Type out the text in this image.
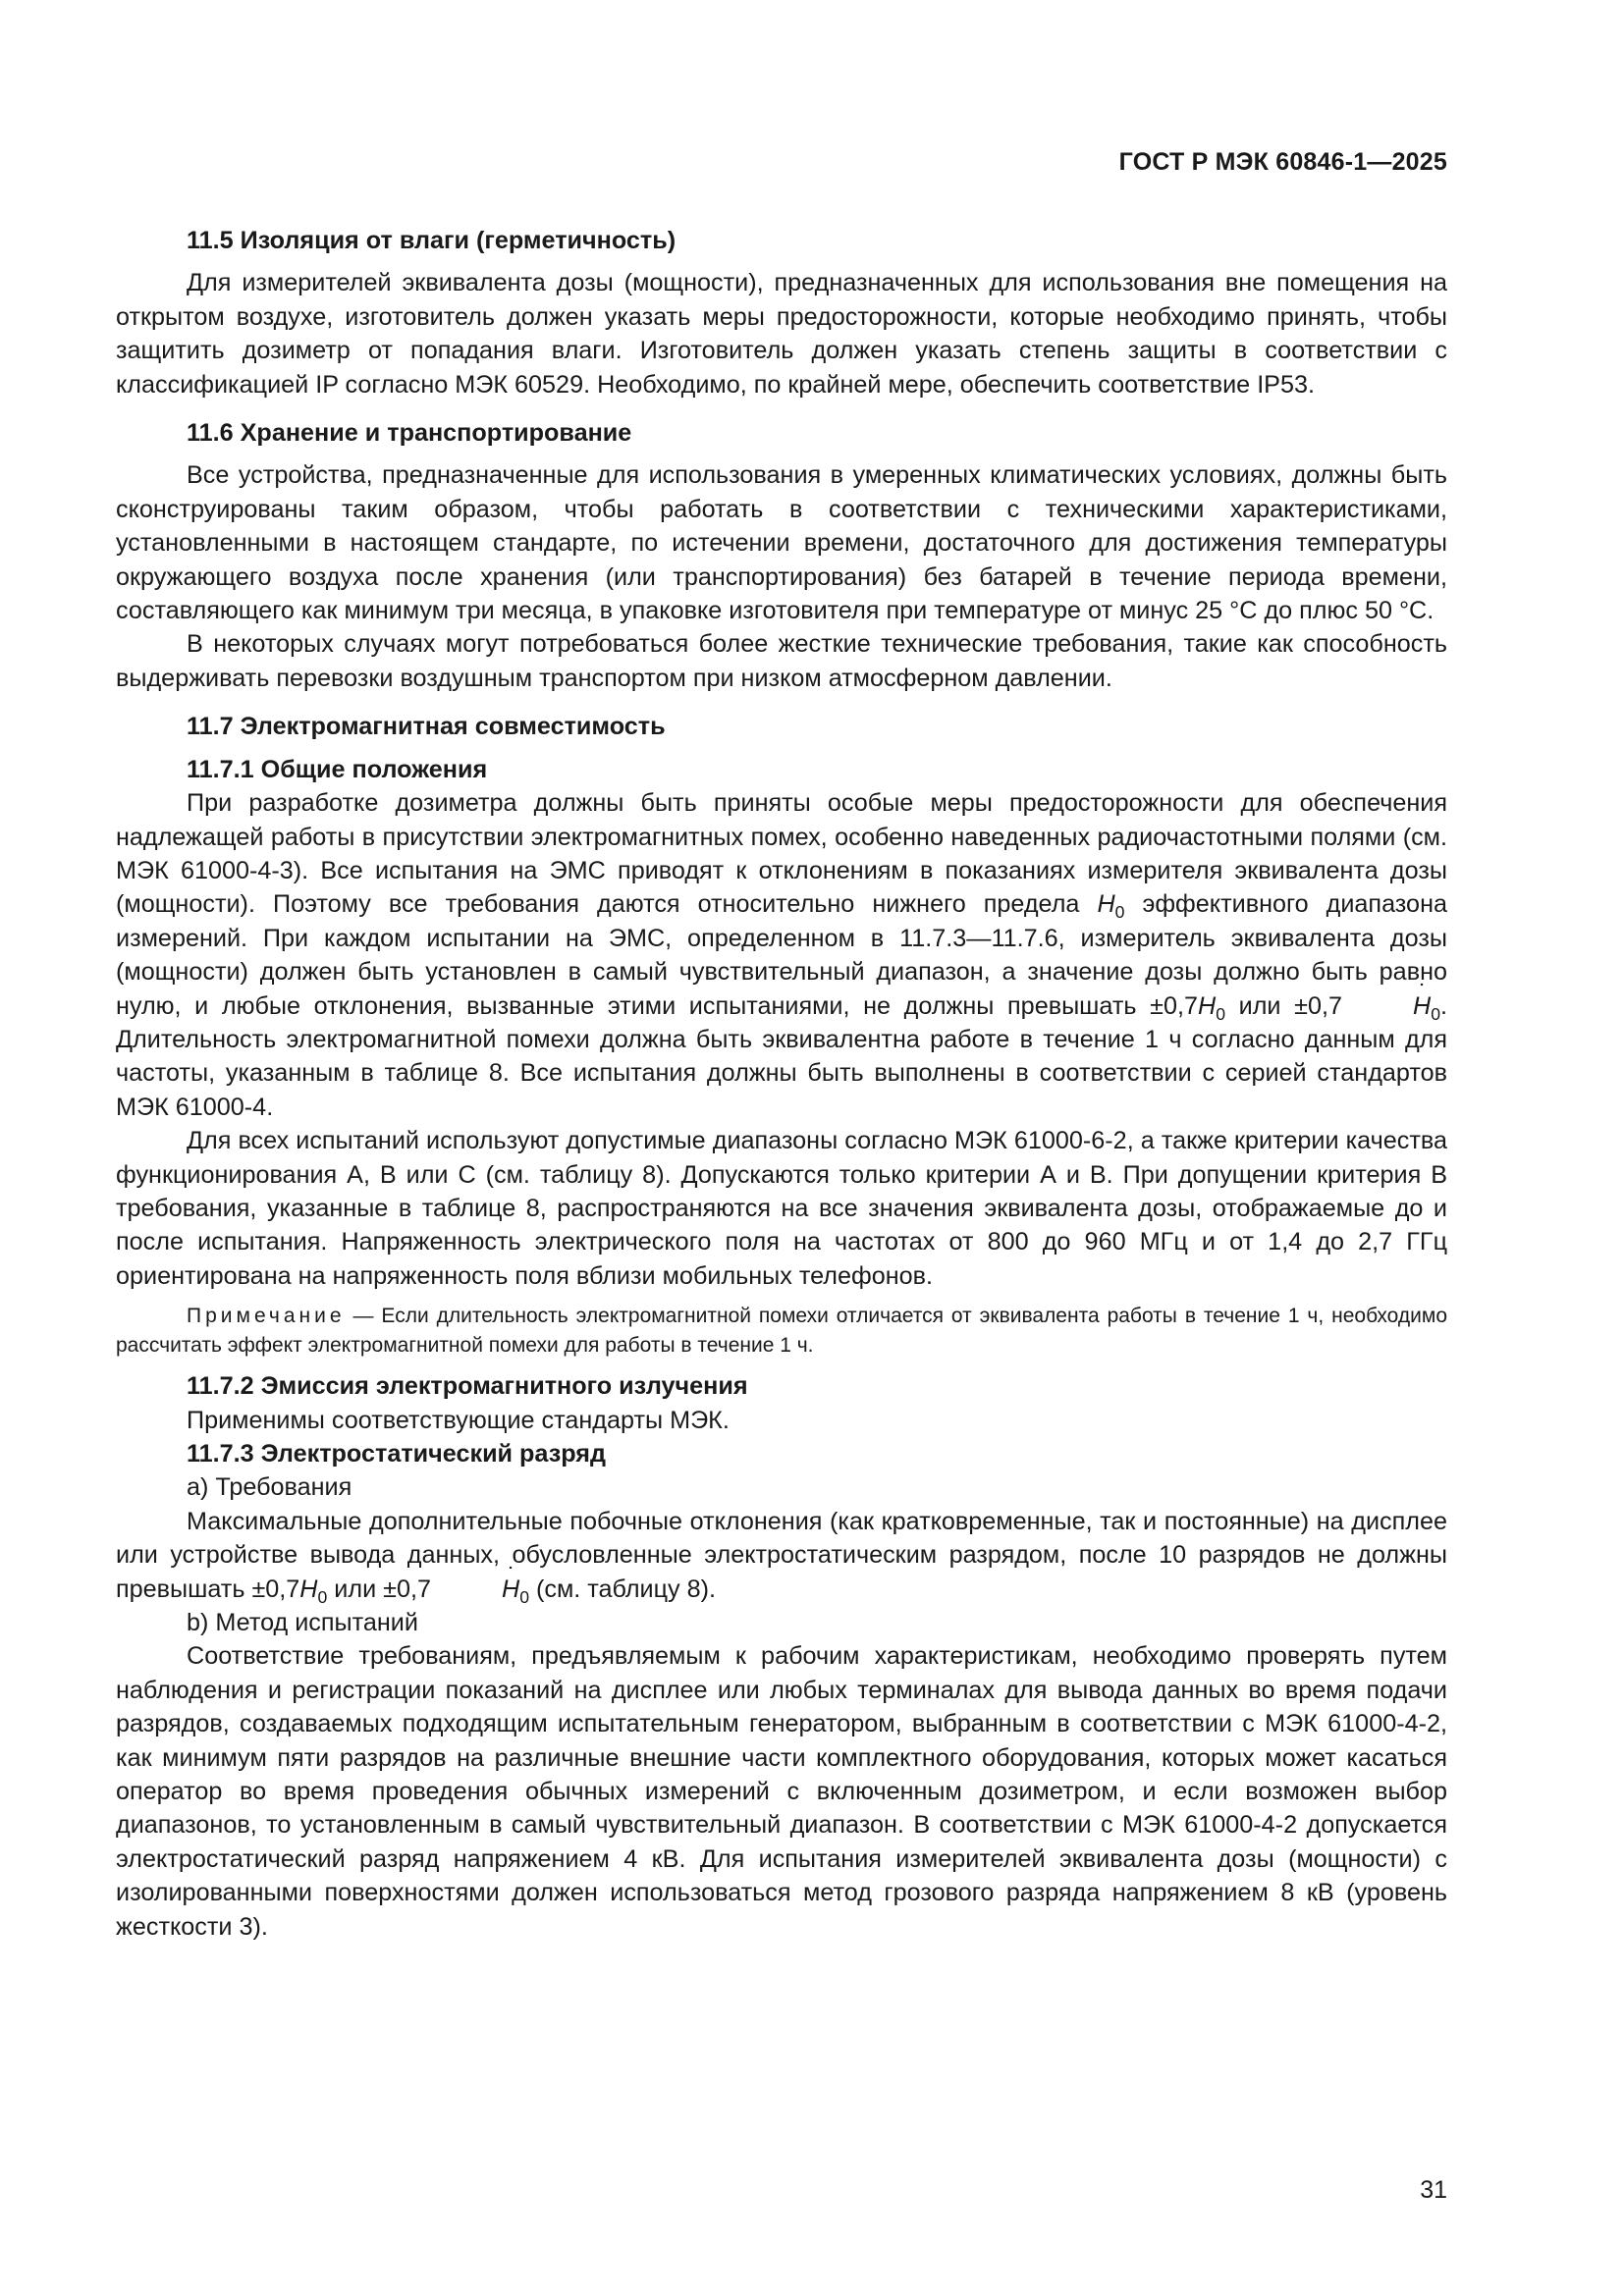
ГОСТ Р МЭК 60846-1—2025

11.5 Изоляция от влаги (герметичность)

Для измерителей эквивалента дозы (мощности), предназначенных для использования вне помещения на открытом воздухе, изготовитель должен указать меры предосторожности, которые необходимо принять, чтобы защитить дозиметр от попадания влаги. Изготовитель должен указать степень защиты в соответствии с классификацией IP согласно МЭК 60529. Необходимо, по крайней мере, обеспечить соответствие IP53.

11.6 Хранение и транспортирование

Все устройства, предназначенные для использования в умеренных климатических условиях, должны быть сконструированы таким образом, чтобы работать в соответствии с техническими характеристиками, установленными в настоящем стандарте, по истечении времени, достаточного для достижения температуры окружающего воздуха после хранения (или транспортирования) без батарей в течение периода времени, составляющего как минимум три месяца, в упаковке изготовителя при температуре от минус 25 °С до плюс 50 °С.

В некоторых случаях могут потребоваться более жесткие технические требования, такие как способность выдерживать перевозки воздушным транспортом при низком атмосферном давлении.

11.7 Электромагнитная совместимость

11.7.1 Общие положения

При разработке дозиметра должны быть приняты особые меры предосторожности для обеспечения надлежащей работы в присутствии электромагнитных помех, особенно наведенных радиочастотными полями (см. МЭК 61000-4-3). Все испытания на ЭМС приводят к отклонениям в показаниях измерителя эквивалента дозы (мощности). Поэтому все требования даются относительно нижнего предела $H_0$ эффективного диапазона измерений. При каждом испытании на ЭМС, определенном в 11.7.3—11.7.6, измеритель эквивалента дозы (мощности) должен быть установлен в самый чувствительный диапазон, а значение дозы должно быть равно нулю, и любые отклонения, вызванные этими испытаниями, не должны превышать $\pm 0,7H_0$ или ±0,7	H $˙_0$. Длительность электромагнитной помехи должна быть эквивалентна работе в течение 1 ч согласно данным для частоты, указанным в таблице 8. Все испытания должны быть выполнены в соответствии с серией стандартов МЭК 61000-4.

Для всех испытаний используют допустимые диапазоны согласно МЭК 61000-6-2, а также критерии качества функционирования А, В или С (см. таблицу 8). Допускаются только критерии А и В. При допущении критерия В требования, указанные в таблице 8, распространяются на все значения эквивалента дозы, отображаемые до и после испытания. Напряженность электрического поля на частотах от 800 до 960 МГц и от 1,4 до 2,7 ГГц ориентирована на напряженность поля вблизи мобильных телефонов.

Примечание — Если длительность электромагнитной помехи отличается от эквивалента работы в течение 1 ч, необходимо рассчитать эффект электромагнитной помехи для работы в течение 1 ч.

11.7.2 Эмиссия электромагнитного излучения

Применимы соответствующие стандарты МЭК.

11.7.3 Электростатический разряд

а) Требования

Максимальные дополнительные побочные отклонения (как кратковременные, так и постоянные) на дисплее или устройстве вывода данных, обусловленные электростатическим разрядом, после 10 разрядов не должны превышать $\pm 0,7H_0$ или ±0,7	H $˙_0$ (см. таблицу 8).

b) Метод испытаний

Соответствие требованиям, предъявляемым к рабочим характеристикам, необходимо проверять путем наблюдения и регистрации показаний на дисплее или любых терминалах для вывода данных во время подачи разрядов, создаваемых подходящим испытательным генератором, выбранным в соответствии с МЭК 61000-4-2, как минимум пяти разрядов на различные внешние части комплектного оборудования, которых может касаться оператор во время проведения обычных измерений с включенным дозиметром, и если возможен выбор диапазонов, то установленным в самый чувствительный диапазон. В соответствии с МЭК 61000-4-2 допускается электростатический разряд напряжением 4 кВ. Для испытания измерителей эквивалента дозы (мощности) с изолированными поверхностями должен использоваться метод грозового разряда напряжением 8 кВ (уровень жесткости 3).

31
